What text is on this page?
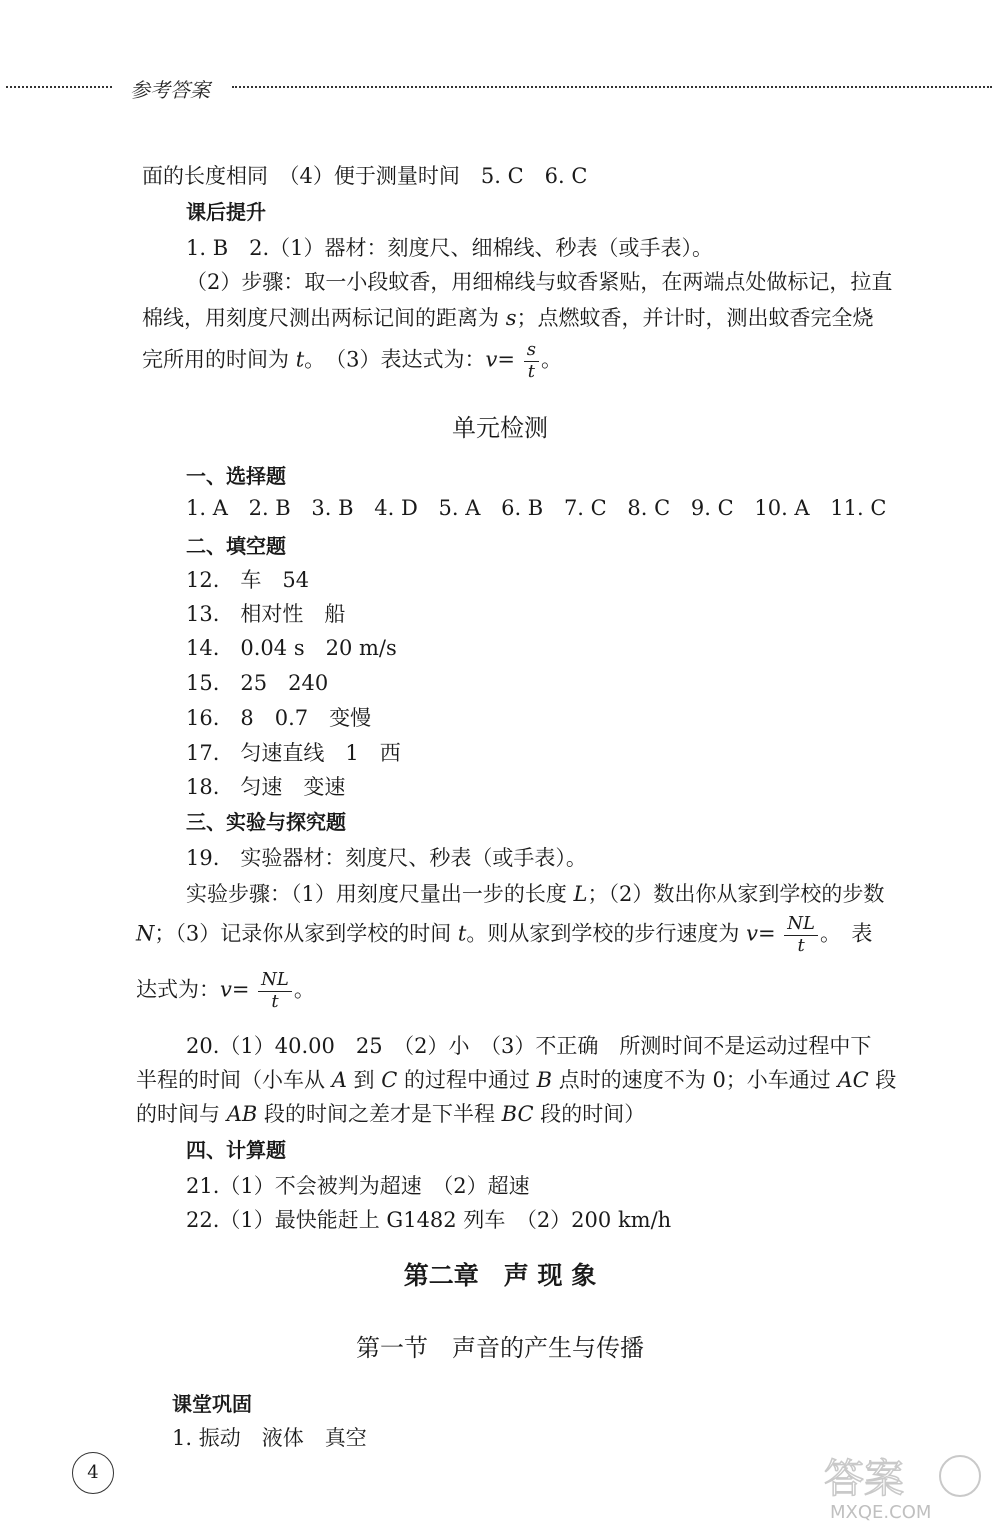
参考答案
面的长度相同　（4）便于测量时间　5. C　6. C
课后提升
1. B　2.（1）器材：刻度尺、细棉线、秒表（或手表）。
（2）步骤：取一小段蚊香，用细棉线与蚊香紧贴，在两端点处做标记，拉直
棉线，用刻度尺测出两标记间的距离为 s；点燃蚊香，并计时，测出蚊香完全烧
完所用的时间为 t。　（3）表达式为：$v= \frac{s}{t}$ 。
单元检测
一、选择题
1. A 2. B 3. B 4. D 5. A 6. B 7. C 8. C 9. C 10. A 11. C
二、填空题
12.　车　54
13.　相对性　船
14.　0.04 s　20 m/s
15.　25　240
16.　8　0.7　变慢
17.　匀速直线　1　西
18.　匀速　变速
三、实验与探究题
19.　实验器材：刻度尺、秒表（或手表）。
实验步骤：（1）用刻度尺量出一步的长度 L；（2）数出你从家到学校的步数
N；（3）记录你从家到学校的时间 t。则从家到学校的步行速度为 $v= \frac{NL}{t}$ 。　表
达式为：$v= \frac{NL}{t}$ 。
20.（1）40.00　25　（2）小　（3）不正确　所测时间不是运动过程中下
半程的时间（小车从 A 到 C 的过程中通过 B 点时的速度不为 0；小车通过 AC 段
的时间与 AB 段的时间之差才是下半程 BC 段的时间）
四、计算题
21.（1）不会被判为超速　（2）超速
22.（1）最快能赶上 G1482 列车　（2）200 km/h
第二章　声 现 象
第一节　声音的产生与传播
课堂巩固
1. 振动　液体　真空
4	答案
MXQE.COM
